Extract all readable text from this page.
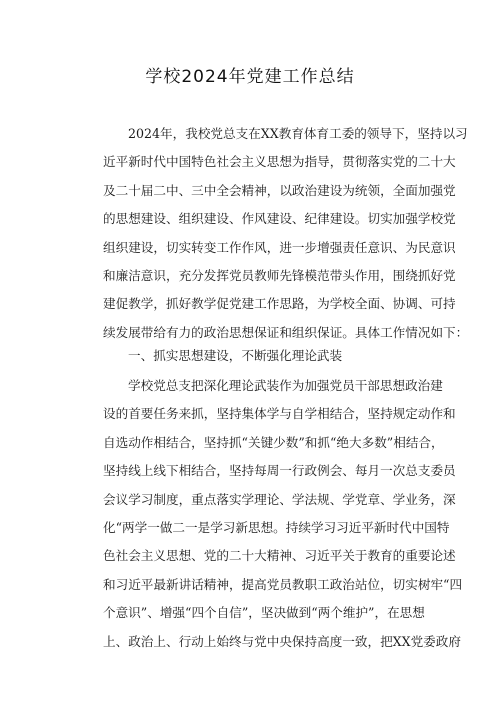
学校2024年党建工作总结
2024年，我校党总支在XX教育体育工委的领导下，坚持以习
近平新时代中国特色社会主义思想为指导，贯彻落实党的二十大
及二十届二中、三中全会精神，以政治建设为统领，全面加强党
的思想建设、组织建设、作风建设、纪律建设。切实加强学校党
组织建设，切实转变工作作风，进一步增强责任意识、为民意识
和廉洁意识，充分发挥党员教师先锋模范带头作用，围绕抓好党
建促教学，抓好教学促党建工作思路，为学校全面、协调、可持
续发展带给有力的政治思想保证和组织保证。具体工作情况如下：
一、抓实思想建设，不断强化理论武装
学校党总支把深化理论武装作为加强党员干部思想政治建
设的首要任务来抓，坚持集体学与自学相结合，坚持规定动作和
自选动作相结合，坚持抓“关键少数”和抓“绝大多数”相结合，
坚持线上线下相结合，坚持每周一行政例会、每月一次总支委员
会议学习制度，重点落实学理论、学法规、学党章、学业务，深
化“两学一做二一是学习新思想。持续学习习近平新时代中国特
色社会主义思想、党的二十大精神、习近平关于教育的重要论述
和习近平最新讲话精神，提高党员教职工政治站位，切实树牢“四
个意识”、增强“四个自信”，坚决做到“两个维护”，在思想
上、政治上、行动上始终与党中央保持高度一致，把XX党委政府
